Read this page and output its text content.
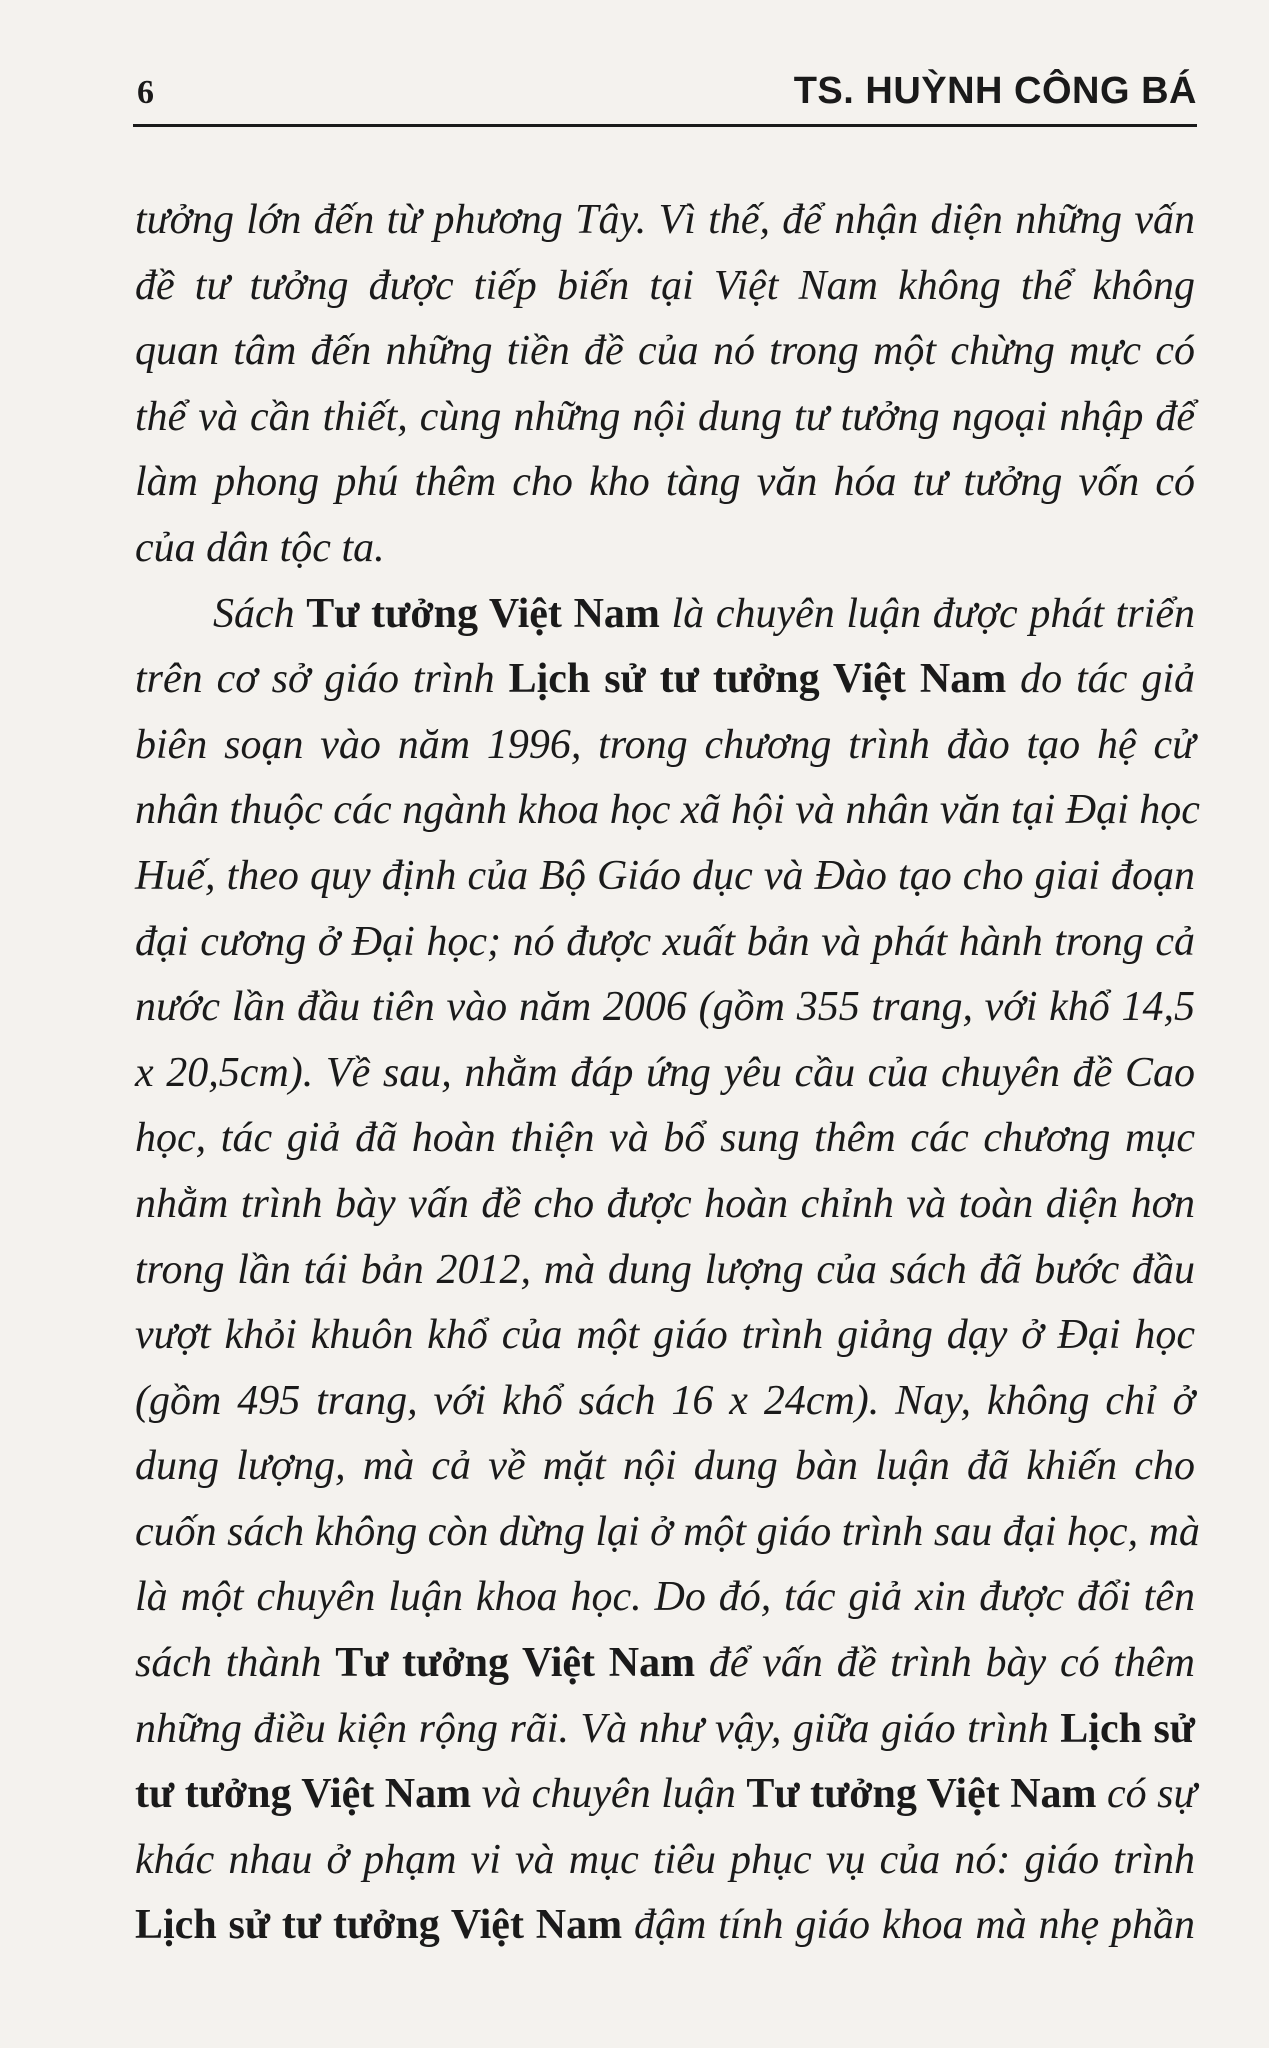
6	TS. HUỲNH CÔNG BÁ
tưởng lớn đến từ phương Tây. Vì thế, để nhận diện những vấn
đề tư tưởng được tiếp biến tại Việt Nam không thể không
quan tâm đến những tiền đề của nó trong một chừng mực có
thể và cần thiết, cùng những nội dung tư tưởng ngoại nhập để
làm phong phú thêm cho kho tàng văn hóa tư tưởng vốn có
của dân tộc ta.
Sách Tư tưởng Việt Nam là chuyên luận được phát triển
trên cơ sở giáo trình Lịch sử tư tưởng Việt Nam do tác giả
biên soạn vào năm 1996, trong chương trình đào tạo hệ cử
nhân thuộc các ngành khoa học xã hội và nhân văn tại Đại học
Huế, theo quy định của Bộ Giáo dục và Đào tạo cho giai đoạn
đại cương ở Đại học; nó được xuất bản và phát hành trong cả
nước lần đầu tiên vào năm 2006 (gồm 355 trang, với khổ 14,5
x 20,5cm). Về sau, nhằm đáp ứng yêu cầu của chuyên đề Cao
học, tác giả đã hoàn thiện và bổ sung thêm các chương mục
nhằm trình bày vấn đề cho được hoàn chỉnh và toàn diện hơn
trong lần tái bản 2012, mà dung lượng của sách đã bước đầu
vượt khỏi khuôn khổ của một giáo trình giảng dạy ở Đại học
(gồm 495 trang, với khổ sách 16 x 24cm). Nay, không chỉ ở
dung lượng, mà cả về mặt nội dung bàn luận đã khiến cho
cuốn sách không còn dừng lại ở một giáo trình sau đại học, mà
là một chuyên luận khoa học. Do đó, tác giả xin được đổi tên
sách thành Tư tưởng Việt Nam để vấn đề trình bày có thêm
những điều kiện rộng rãi. Và như vậy, giữa giáo trình Lịch sử
tư tưởng Việt Nam và chuyên luận Tư tưởng Việt Nam có sự
khác nhau ở phạm vi và mục tiêu phục vụ của nó: giáo trình
Lịch sử tư tưởng Việt Nam đậm tính giáo khoa mà nhẹ phần
